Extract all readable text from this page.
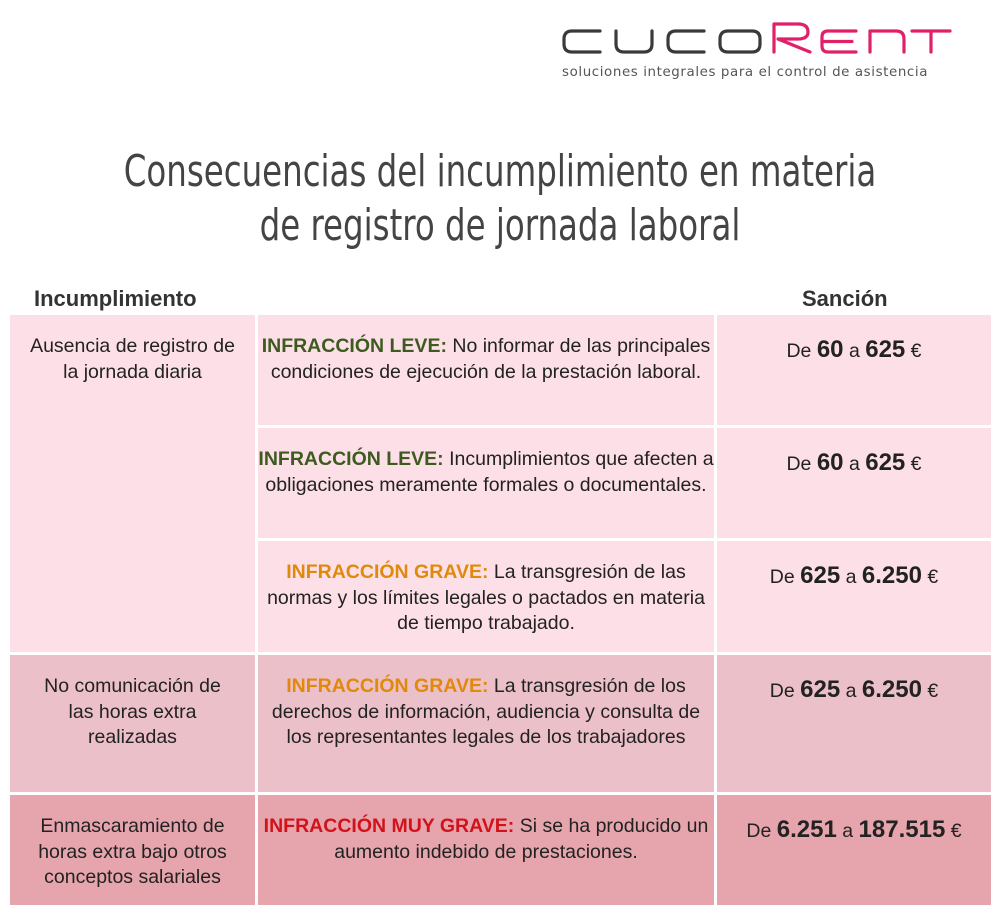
soluciones integrales para el control de asistencia
Consecuencias del incumplimiento en materia
de registro de jornada laboral
Incumplimiento	Sanción
Ausencia de registro de la jornada diaria
INFRACCIÓN LEVE: No informar de las principales condiciones de ejecución de la prestación laboral.
De 60 a 625 €
INFRACCIÓN LEVE: Incumplimientos que afecten a obligaciones meramente formales o documentales.
De 60 a 625 €
INFRACCIÓN GRAVE: La transgresión de las normas y los límites legales o pactados en materia de tiempo trabajado.
De 625 a 6.250 €
No comunicación de las horas extra realizadas
INFRACCIÓN GRAVE: La transgresión de los derechos de información, audiencia y consulta de los representantes legales de los trabajadores
De 625 a 6.250 €
Enmascaramiento de horas extra bajo otros conceptos salariales
INFRACCIÓN MUY GRAVE: Si se ha producido un aumento indebido de prestaciones.
De 6.251 a 187.515 €
